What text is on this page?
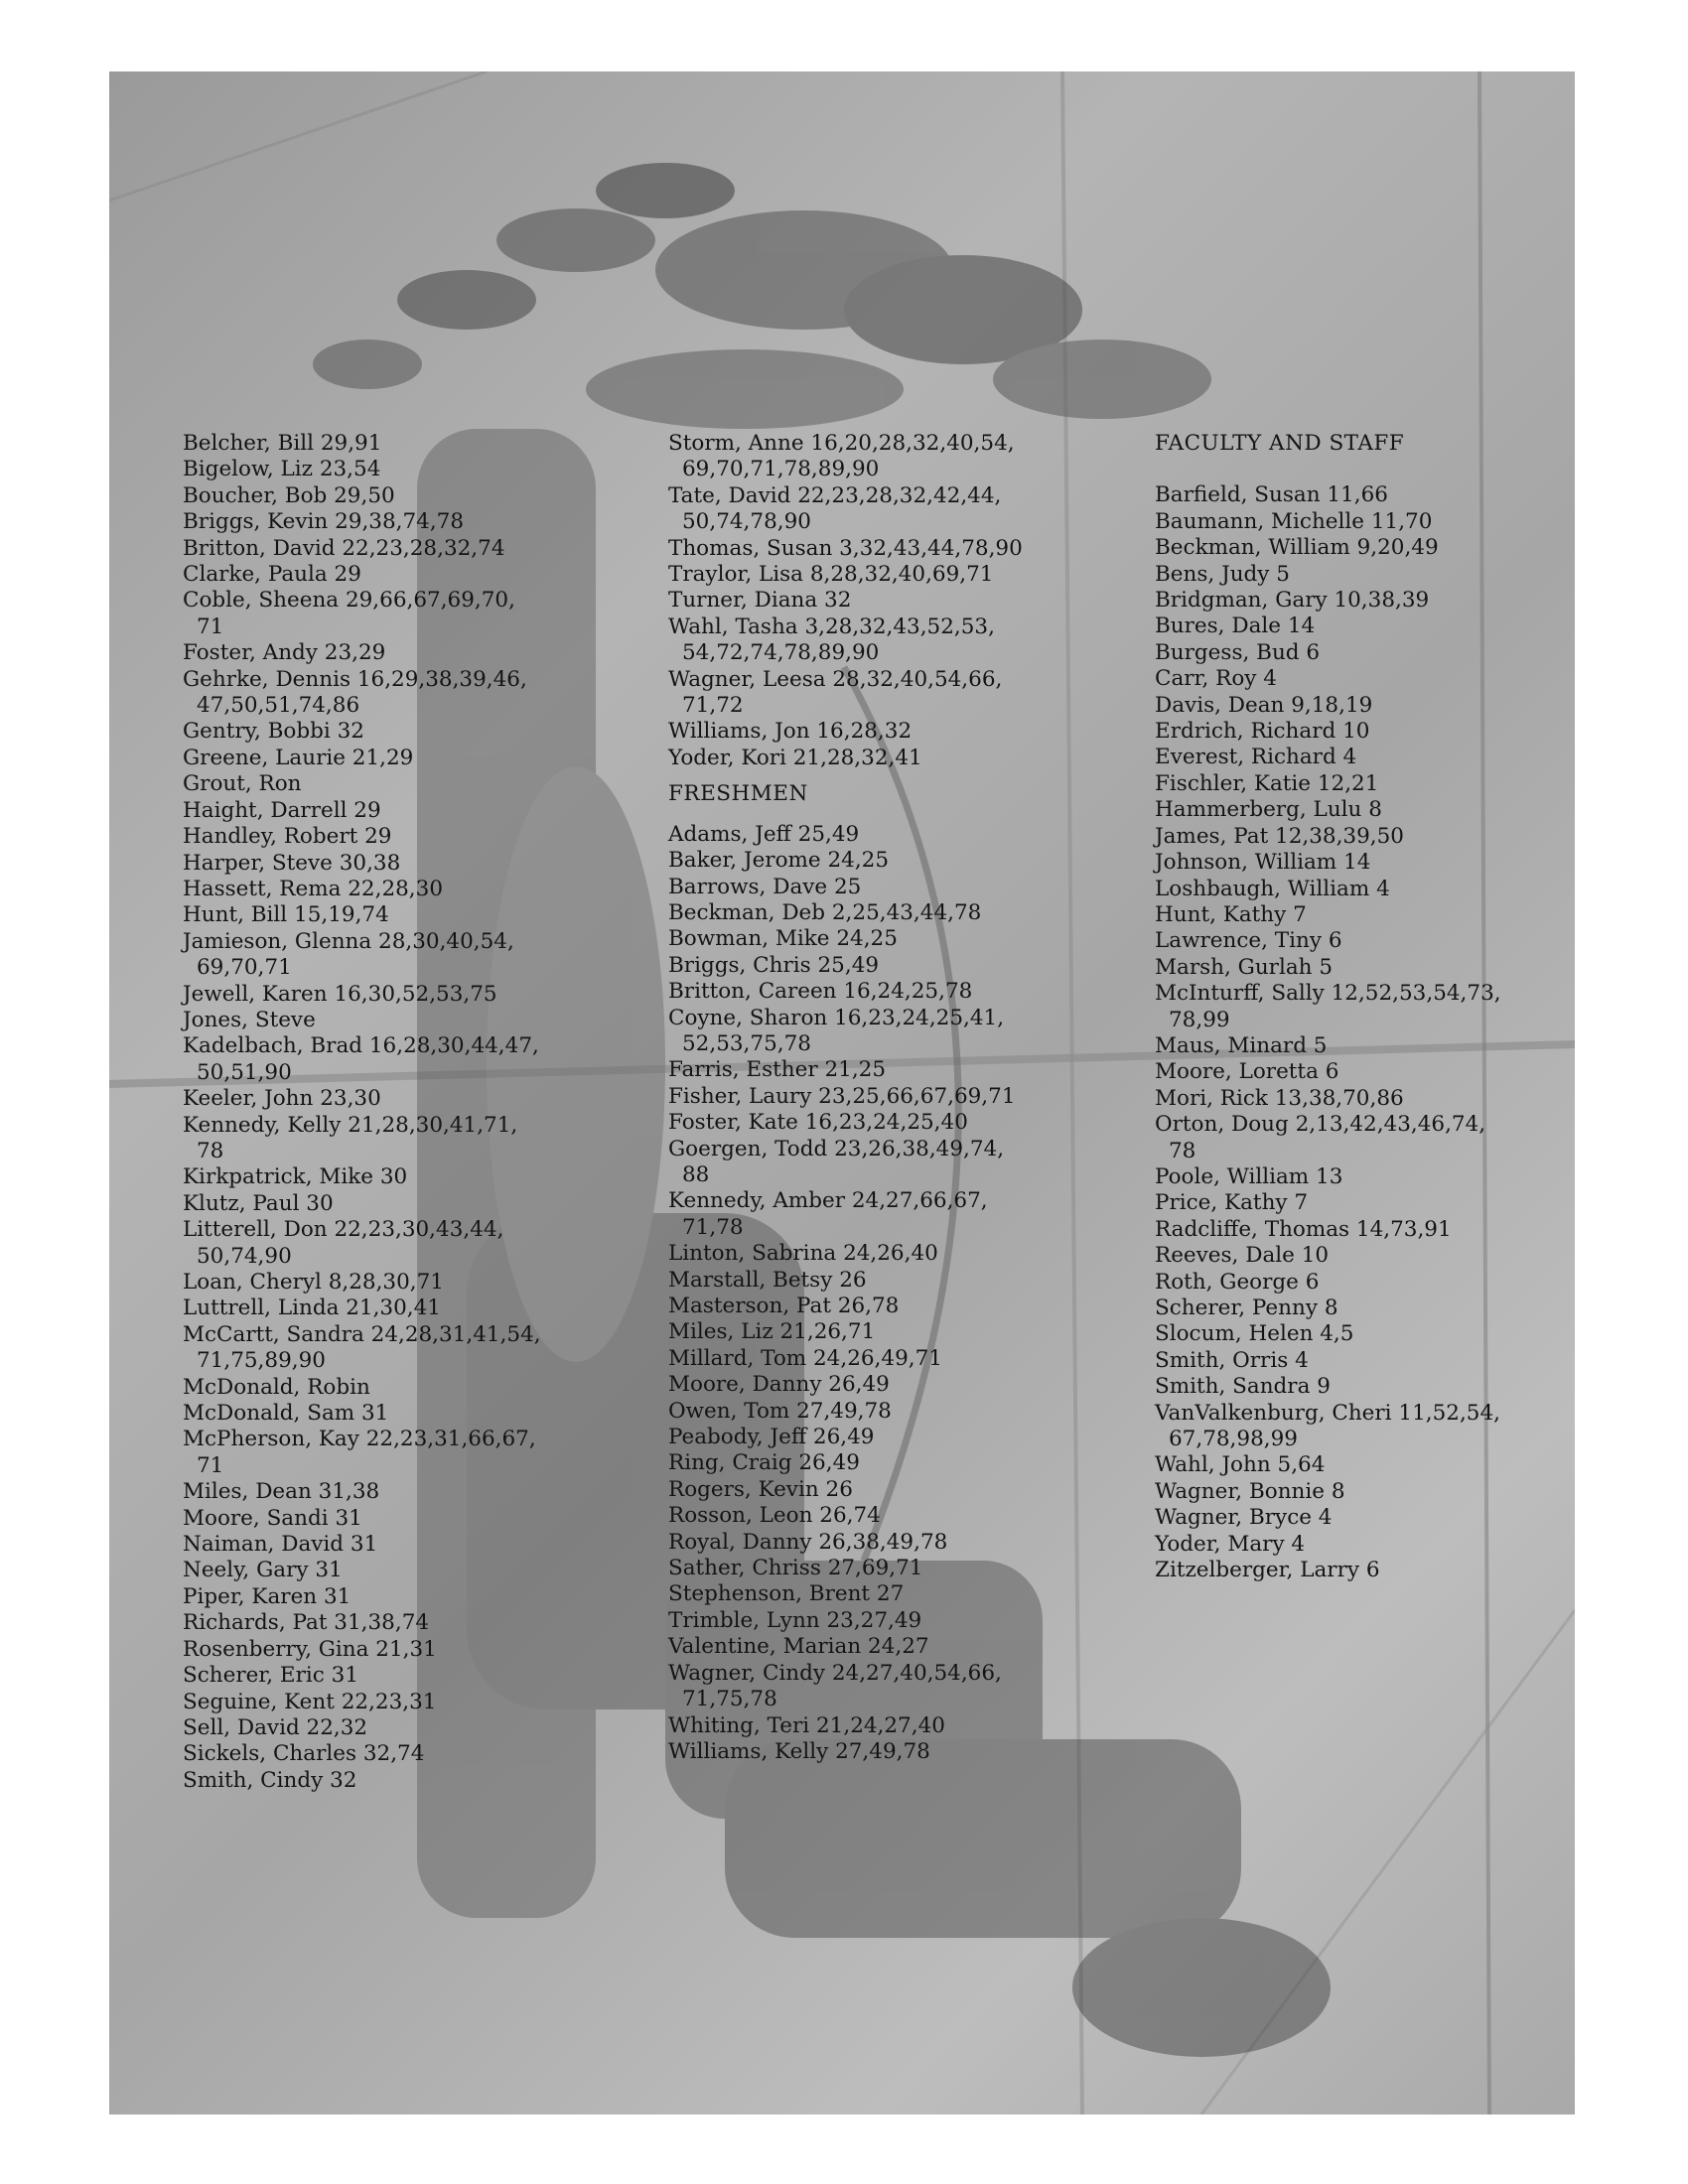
Belcher, Bill 29,91
Bigelow, Liz 23,54
Boucher, Bob 29,50
Briggs, Kevin 29,38,74,78
Britton, David 22,23,28,32,74
Clarke, Paula 29
Coble, Sheena 29,66,67,69,70,
71
Foster, Andy 23,29
Gehrke, Dennis 16,29,38,39,46,
47,50,51,74,86
Gentry, Bobbi 32
Greene, Laurie 21,29
Grout, Ron
Haight, Darrell 29
Handley, Robert 29
Harper, Steve 30,38
Hassett, Rema 22,28,30
Hunt, Bill 15,19,74
Jamieson, Glenna 28,30,40,54,
69,70,71
Jewell, Karen 16,30,52,53,75
Jones, Steve
Kadelbach, Brad 16,28,30,44,47,
50,51,90
Keeler, John 23,30
Kennedy, Kelly 21,28,30,41,71,
78
Kirkpatrick, Mike 30
Klutz, Paul 30
Litterell, Don 22,23,30,43,44,
50,74,90
Loan, Cheryl 8,28,30,71
Luttrell, Linda 21,30,41
McCartt, Sandra 24,28,31,41,54,
71,75,89,90
McDonald, Robin
McDonald, Sam 31
McPherson, Kay 22,23,31,66,67,
71
Miles, Dean 31,38
Moore, Sandi 31
Naiman, David 31
Neely, Gary 31
Piper, Karen 31
Richards, Pat 31,38,74
Rosenberry, Gina 21,31
Scherer, Eric 31
Seguine, Kent 22,23,31
Sell, David 22,32
Sickels, Charles 32,74
Smith, Cindy 32
Storm, Anne 16,20,28,32,40,54,
69,70,71,78,89,90
Tate, David 22,23,28,32,42,44,
50,74,78,90
Thomas, Susan 3,32,43,44,78,90
Traylor, Lisa 8,28,32,40,69,71
Turner, Diana 32
Wahl, Tasha 3,28,32,43,52,53,
54,72,74,78,89,90
Wagner, Leesa 28,32,40,54,66,
71,72
Williams, Jon 16,28,32
Yoder, Kori 21,28,32,41
FRESHMEN
Adams, Jeff 25,49
Baker, Jerome 24,25
Barrows, Dave 25
Beckman, Deb 2,25,43,44,78
Bowman, Mike 24,25
Briggs, Chris 25,49
Britton, Careen 16,24,25,78
Coyne, Sharon 16,23,24,25,41,
52,53,75,78
Farris, Esther 21,25
Fisher, Laury 23,25,66,67,69,71
Foster, Kate 16,23,24,25,40
Goergen, Todd 23,26,38,49,74,
88
Kennedy, Amber 24,27,66,67,
71,78
Linton, Sabrina 24,26,40
Marstall, Betsy 26
Masterson, Pat 26,78
Miles, Liz 21,26,71
Millard, Tom 24,26,49,71
Moore, Danny 26,49
Owen, Tom 27,49,78
Peabody, Jeff 26,49
Ring, Craig 26,49
Rogers, Kevin 26
Rosson, Leon 26,74
Royal, Danny 26,38,49,78
Sather, Chriss 27,69,71
Stephenson, Brent 27
Trimble, Lynn 23,27,49
Valentine, Marian 24,27
Wagner, Cindy 24,27,40,54,66,
71,75,78
Whiting, Teri 21,24,27,40
Williams, Kelly 27,49,78
FACULTY AND STAFF
Barfield, Susan 11,66
Baumann, Michelle 11,70
Beckman, William 9,20,49
Bens, Judy 5
Bridgman, Gary 10,38,39
Bures, Dale 14
Burgess, Bud 6
Carr, Roy 4
Davis, Dean 9,18,19
Erdrich, Richard 10
Everest, Richard 4
Fischler, Katie 12,21
Hammerberg, Lulu 8
James, Pat 12,38,39,50
Johnson, William 14
Loshbaugh, William 4
Hunt, Kathy 7
Lawrence, Tiny 6
Marsh, Gurlah 5
McInturff, Sally 12,52,53,54,73,
78,99
Maus, Minard 5
Moore, Loretta 6
Mori, Rick 13,38,70,86
Orton, Doug 2,13,42,43,46,74,
78
Poole, William 13
Price, Kathy 7
Radcliffe, Thomas 14,73,91
Reeves, Dale 10
Roth, George 6
Scherer, Penny 8
Slocum, Helen 4,5
Smith, Orris 4
Smith, Sandra 9
VanValkenburg, Cheri 11,52,54,
67,78,98,99
Wahl, John 5,64
Wagner, Bonnie 8
Wagner, Bryce 4
Yoder, Mary 4
Zitzelberger, Larry 6
